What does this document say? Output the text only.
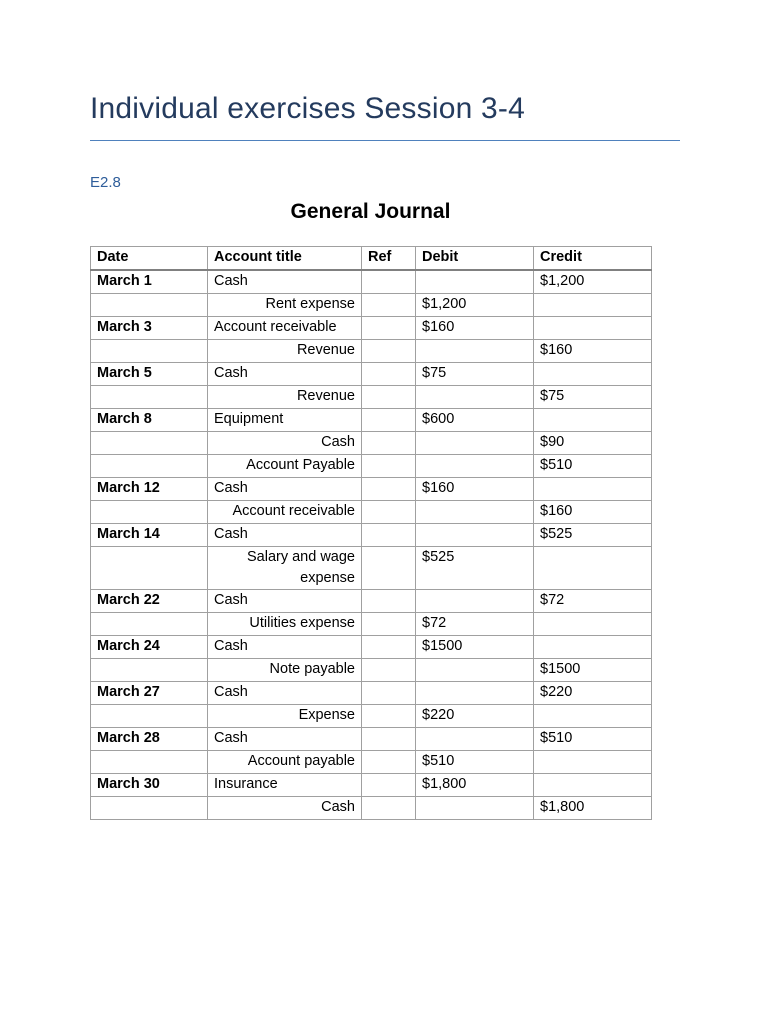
Individual exercises Session 3-4
E2.8
General Journal
Date	Account title	Ref	Debit	Credit
March 1	Cash			$1,200
	Rent expense		$1,200	
March 3	Account receivable		$160	
	Revenue			$160
March 5	Cash		$75	
	Revenue			$75
March 8	Equipment		$600	
	Cash			$90
	Account Payable			$510
March 12	Cash		$160	
	Account receivable			$160
March 14	Cash			$525
	Salary and wage expense		$525	
March 22	Cash			$72
	Utilities expense		$72	
March 24	Cash		$1500	
	Note payable			$1500
March 27	Cash			$220
	Expense		$220	
March 28	Cash			$510
	Account payable		$510	
March 30	Insurance		$1,800	
	Cash			$1,800
